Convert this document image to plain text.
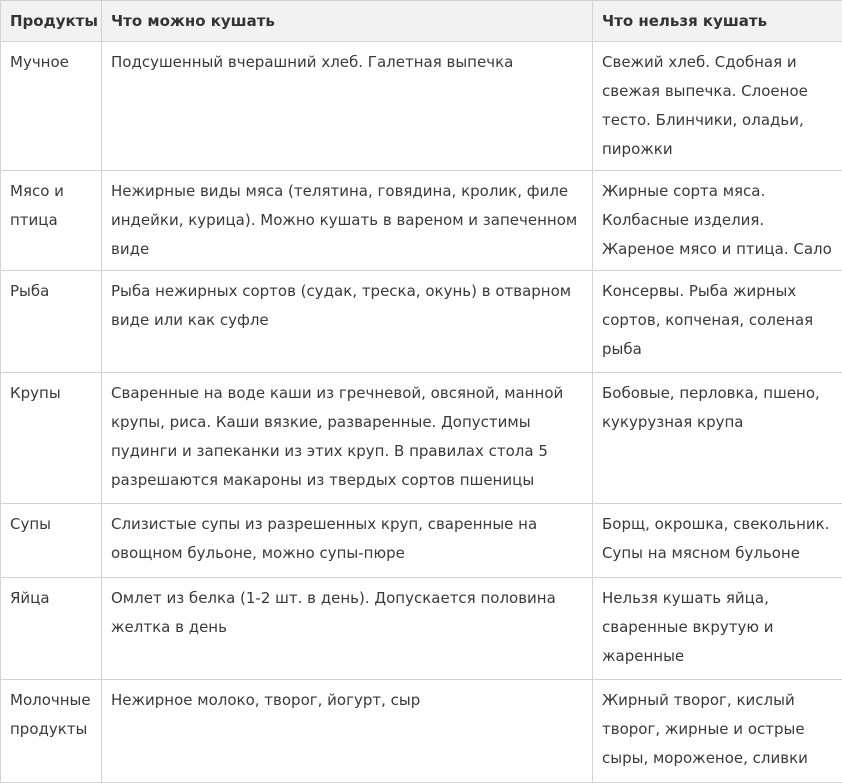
Продукты	Что можно кушать	Что нельзя кушать
Мучное	Подсушенный вчерашний хлеб. Галетная выпечка	Свежий хлеб. Сдобная и свежая выпечка. Слоеное тесто. Блинчики, оладьи, пирожки
Мясо и птица	Нежирные виды мяса (телятина, говядина, кролик, филе индейки, курица). Можно кушать в вареном и запеченном виде	Жирные сорта мяса. Колбасные изделия. Жареное мясо и птица. Сало
Рыба	Рыба нежирных сортов (судак, треска, окунь) в отварном виде или как суфле	Консервы. Рыба жирных сортов, копченая, соленая рыба
Крупы	Сваренные на воде каши из гречневой, овсяной, манной крупы, риса. Каши вязкие, разваренные. Допустимы пудинги и запеканки из этих круп. В правилах стола 5 разрешаются макароны из твердых сортов пшеницы	Бобовые, перловка, пшено, кукурузная крупа
Супы	Слизистые супы из разрешенных круп, сваренные на овощном бульоне, можно супы-пюре	Борщ, окрошка, свекольник. Супы на мясном бульоне
Яйца	Омлет из белка (1-2 шт. в день). Допускается половина желтка в день	Нельзя кушать яйца, сваренные вкрутую и жаренные
Молочные продукты	Нежирное молоко, творог, йогурт, сыр	Жирный творог, кислый творог, жирные и острые сыры, мороженое, сливки
